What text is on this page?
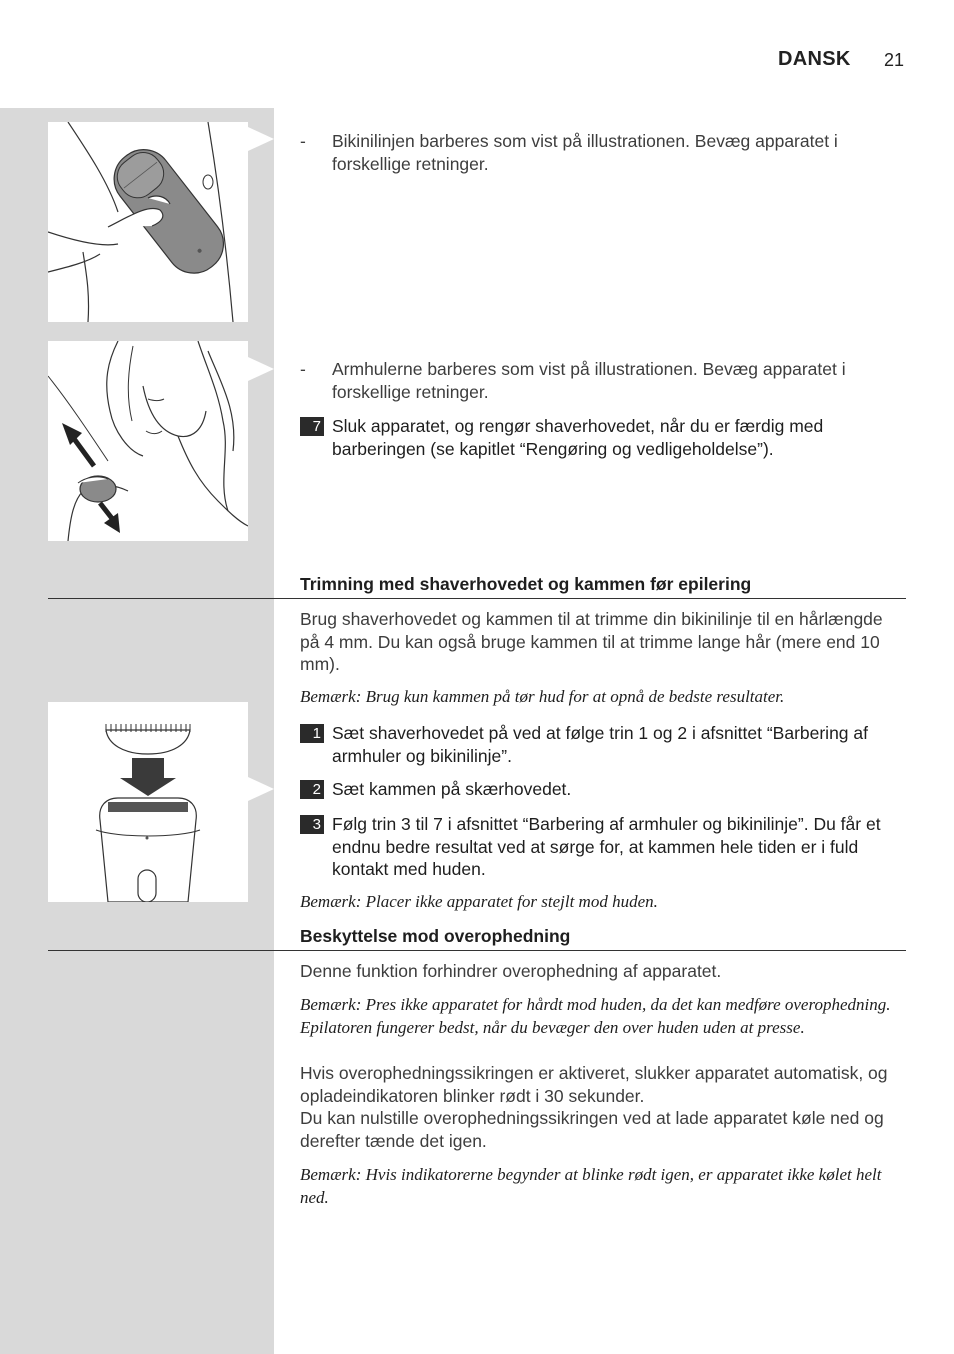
DANSK 21
-	Bikinilinjen barberes som vist på illustrationen. Bevæg apparatet i forskellige retninger.
-	Armhulerne barberes som vist på illustrationen. Bevæg apparatet i forskellige retninger.
7 Sluk apparatet, og rengør shaverhovedet, når du er færdig med barberingen (se kapitlet “Rengøring og vedligeholdelse”).
Trimning med shaverhovedet og kammen før epilering
Brug shaverhovedet og kammen til at trimme din bikinilinje til en hårlængde på 4 mm. Du kan også bruge kammen til at trimme lange hår (mere end 10 mm).
Bemærk: Brug kun kammen på tør hud for at opnå de bedste resultater.
1 Sæt shaverhovedet på ved at følge trin 1 og 2 i afsnittet “Barbering af armhuler og bikinilinje”.
2 Sæt kammen på skærhovedet.
3 Følg trin 3 til 7 i afsnittet “Barbering af armhuler og bikinilinje”. Du får et endnu bedre resultat ved at sørge for, at kammen hele tiden er i fuld kontakt med huden.
Bemærk: Placer ikke apparatet for stejlt mod huden.
Beskyttelse mod overophedning
Denne funktion forhindrer overophedning af apparatet.
Bemærk: Pres ikke apparatet for hårdt mod huden, da det kan medføre overophedning. Epilatoren fungerer bedst, når du bevæger den over huden uden at presse.
Hvis overophedningssikringen er aktiveret, slukker apparatet automatisk, og opladeindikatoren blinker rødt i 30 sekunder.
Du kan nulstille overophedningssikringen ved at lade apparatet køle ned og derefter tænde det igen.
Bemærk: Hvis indikatorerne begynder at blinke rødt igen, er apparatet ikke kølet helt ned.
